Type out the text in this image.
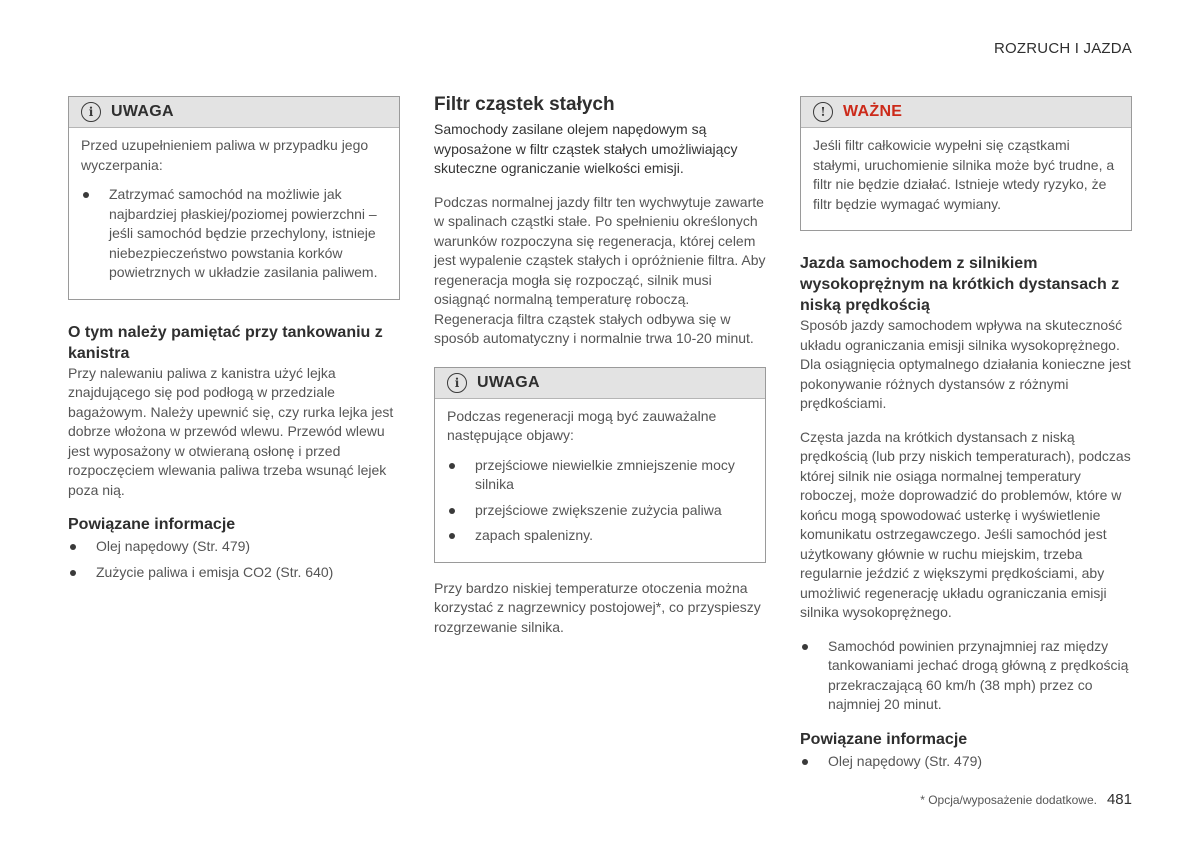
ROZRUCH I JAZDA
i	UWAGA

Przed uzupełnieniem paliwa w przypadku jego wyczerpania:

Zatrzymać samochód na możliwie jak najbardziej płaskiej/poziomej powierzchni – jeśli samochód będzie przechylony, istnieje niebezpieczeństwo powstania korków powietrznych w układzie zasilania paliwem.
O tym należy pamiętać przy tankowaniu z kanistra

Przy nalewaniu paliwa z kanistra użyć lejka znajdującego się pod podłogą w przedziale bagażowym. Należy upewnić się, czy rurka lejka jest dobrze włożona w przewód wlewu. Przewód wlewu jest wyposażony w otwieraną osłonę i przed rozpoczęciem wlewania paliwa trzeba wsunąć lejek poza nią.

Powiązane informacje
Olej napędowy (Str. 479)
Zużycie paliwa i emisja CO2 (Str. 640)
Filtr cząstek stałych

Samochody zasilane olejem napędowym są wyposażone w filtr cząstek stałych umożliwiający skuteczne ograniczanie wielkości emisji.

Podczas normalnej jazdy filtr ten wychwytuje zawarte w spalinach cząstki stałe. Po spełnieniu określonych warunków rozpoczyna się regeneracja, której celem jest wypalenie cząstek stałych i opróżnienie filtra. Aby regeneracja mogła się rozpocząć, silnik musi osiągnąć normalną temperaturę roboczą. Regeneracja filtra cząstek stałych odbywa się w sposób automatyczny i normalnie trwa 10-20 minut.

i	UWAGA

Podczas regeneracji mogą być zauważalne następujące objawy:

przejściowe niewielkie zmniejszenie mocy silnika
przejściowe zwiększenie zużycia paliwa
zapach spalenizny.

Przy bardzo niskiej temperaturze otoczenia można korzystać z nagrzewnicy postojowej*, co przyspieszy rozgrzewanie silnika.

!	WAŻNE

Jeśli filtr całkowicie wypełni się cząstkami stałymi, uruchomienie silnika może być trudne, a filtr nie będzie działać. Istnieje wtedy ryzyko, że filtr będzie wymagać wymiany.

Jazda samochodem z silnikiem wysokoprężnym na krótkich dystansach z niską prędkością

Sposób jazdy samochodem wpływa na skuteczność układu ograniczania emisji silnika wysokoprężnego. Dla osiągnięcia optymalnego działania konieczne jest pokonywanie różnych dystansów z różnymi prędkościami.

Częsta jazda na krótkich dystansach z niską prędkością (lub przy niskich temperaturach), podczas której silnik nie osiąga normalnej temperatury roboczej, może doprowadzić do problemów, które w końcu mogą spowodować usterkę i wyświetlenie komunikatu ostrzegawczego. Jeśli samochód jest użytkowany głównie w ruchu miejskim, trzeba regularnie jeździć z większymi prędkościami, aby umożliwić regenerację układu ograniczania emisji silnika wysokoprężnego.

Samochód powinien przynajmniej raz między tankowaniami jechać drogą główną z prędkością przekraczającą 60 km/h (38 mph) przez co najmniej 20 minut.
Powiązane informacje
Olej napędowy (Str. 479)
* Opcja/wyposażenie dodatkowe. 481
